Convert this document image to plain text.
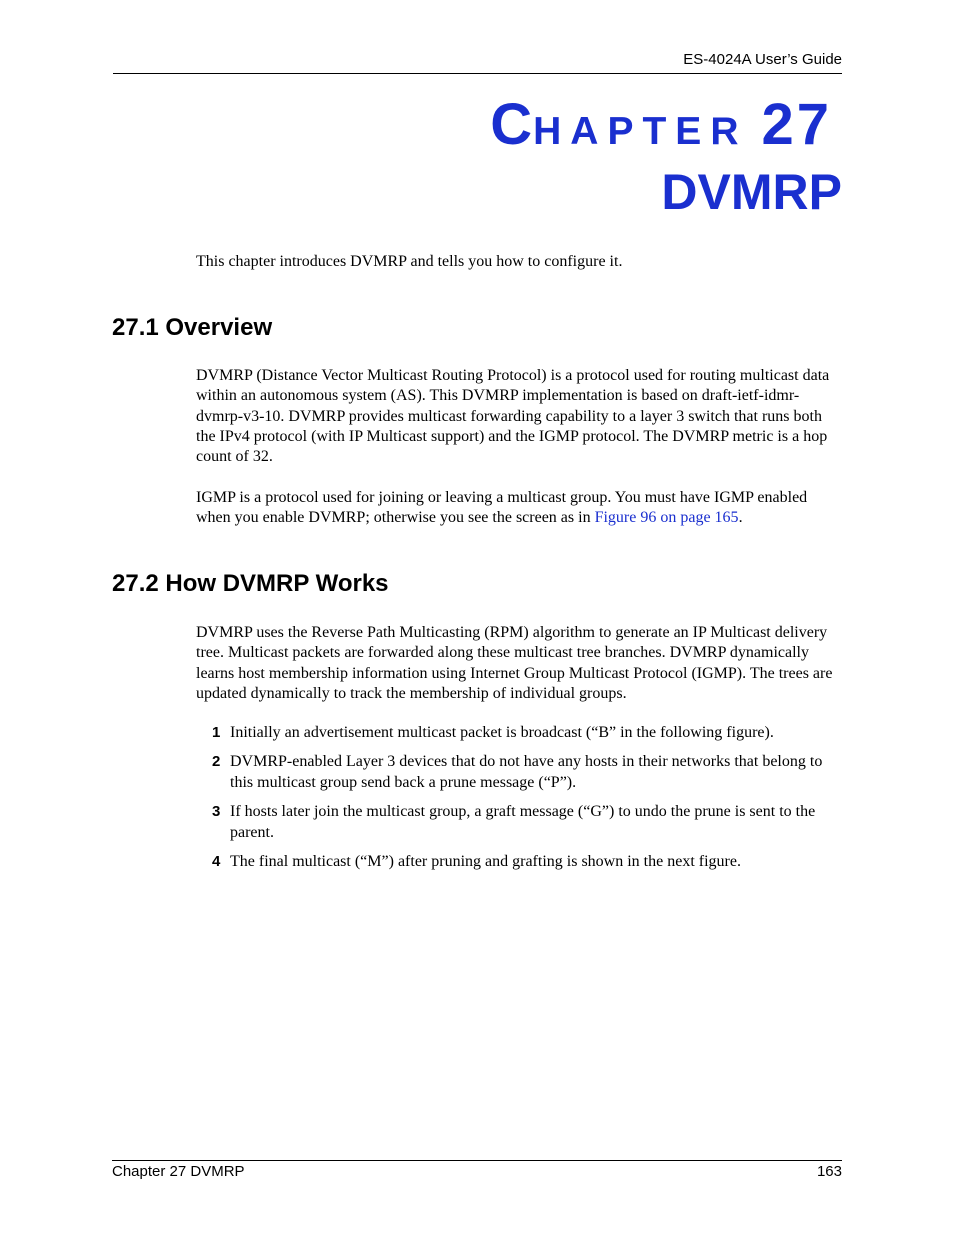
ES-4024A User’s Guide
CHAPTER 27
DVMRP

This chapter introduces DVMRP and tells you how to configure it.

27.1 Overview

DVMRP (Distance Vector Multicast Routing Protocol) is a protocol used for routing multicast data within an autonomous system (AS). This DVMRP implementation is based on draft-ietf-idmr-dvmrp-v3-10. DVMRP provides multicast forwarding capability to a layer 3 switch that runs both the IPv4 protocol (with IP Multicast support) and the IGMP protocol. The DVMRP metric is a hop count of 32.

IGMP is a protocol used for joining or leaving a multicast group. You must have IGMP enabled when you enable DVMRP; otherwise you see the screen as in Figure 96 on page 165.

27.2 How DVMRP Works

DVMRP uses the Reverse Path Multicasting (RPM) algorithm to generate an IP Multicast delivery tree. Multicast packets are forwarded along these multicast tree branches. DVMRP dynamically learns host membership information using Internet Group Multicast Protocol (IGMP). The trees are updated dynamically to track the membership of individual groups.

1 Initially an advertisement multicast packet is broadcast (“B” in the following figure).
2 DVMRP-enabled Layer 3 devices that do not have any hosts in their networks that belong to this multicast group send back a prune message (“P”).
3 If hosts later join the multicast group, a graft message (“G”) to undo the prune is sent to the parent.
4 The final multicast (“M”) after pruning and grafting is shown in the next figure.
Chapter 27 DVMRP	163
